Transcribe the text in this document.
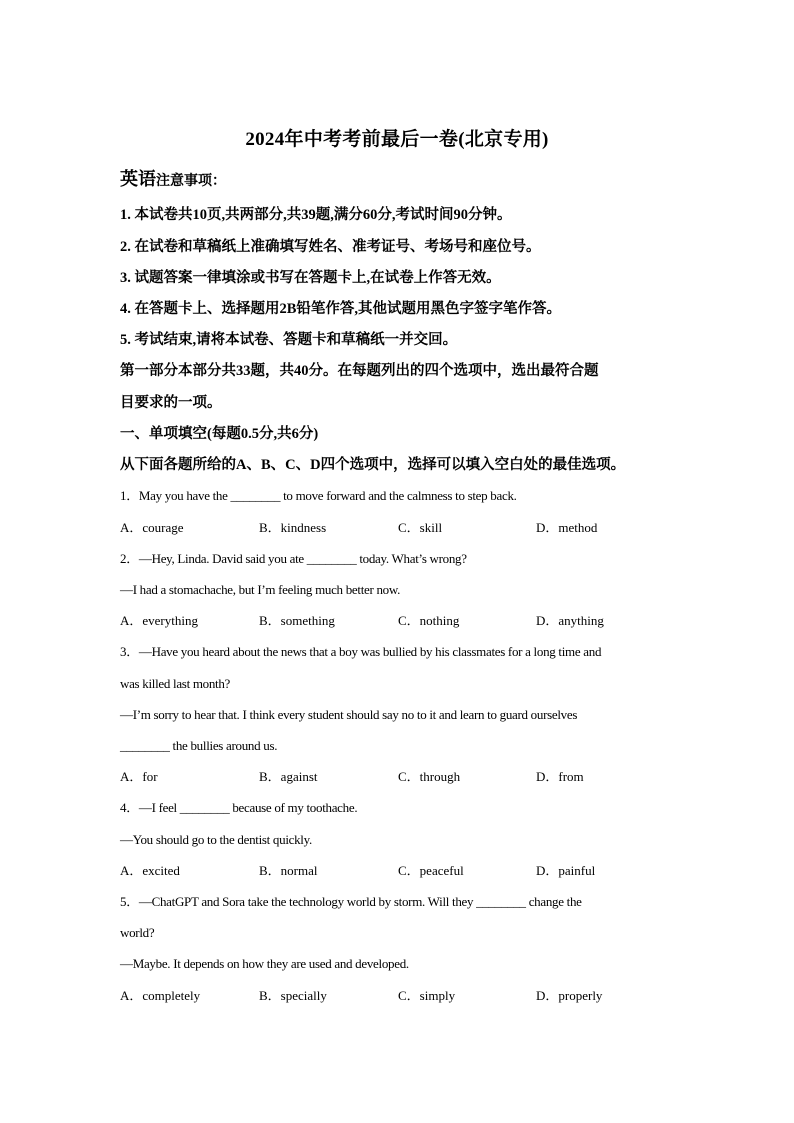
2024年中考考前最后一卷(北京专用)
英语注意事项：
1. 本试卷共10页,共两部分,共39题,满分60分,考试时间90分钟。
2. 在试卷和草稿纸上准确填写姓名、准考证号、考场号和座位号。
3. 试题答案一律填涂或书写在答题卡上,在试卷上作答无效。
4. 在答题卡上、选择题用2B铅笔作答,其他试题用黑色字签字笔作答。
5. 考试结束,请将本试卷、答题卡和草稿纸一并交回。
第一部分本部分共33题，共40分。在每题列出的四个选项中，选出最符合题
目要求的一项。
一、单项填空(每题0.5分,共6分)
从下面各题所给的A、B、C、D四个选项中，选择可以填入空白处的最佳选项。
1．May you have the ________ to move forward and the calmness to step back.
A．courage	B．kindness	C．skill	D．method
2．—Hey, Linda. David said you ate ________ today. What’s wrong?
—I had a stomachache, but I’m feeling much better now.
A．everything	B．something	C．nothing	D．anything
3．—Have you heard about the news that a boy was bullied by his classmates for a long time and
was killed last month?
—I’m sorry to hear that. I think every student should say no to it and learn to guard ourselves
________ the bullies around us.
A．for	B．against	C．through	D．from
4．—I feel ________ because of my toothache.
—You should go to the dentist quickly.
A．excited	B．normal	C．peaceful	D．painful
5．—ChatGPT and Sora take the technology world by storm. Will they ________ change the
world?
—Maybe. It depends on how they are used and developed.
A．completely	B．specially	C．simply	D．properly
